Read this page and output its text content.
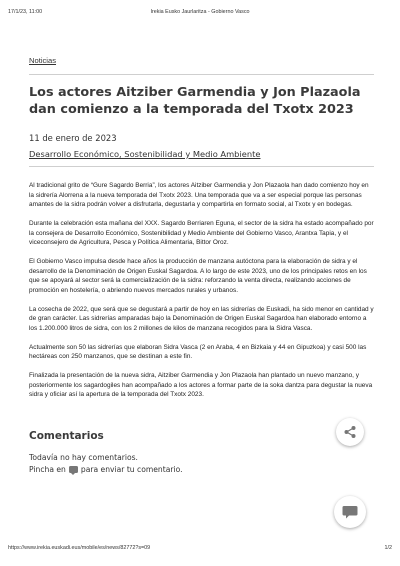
17/1/23, 11:00	Irekia Eusko Jaurlaritza - Gobierno Vasco
Noticias
Los actores Aitziber Garmendia y Jon Plazaola dan comienzo a la temporada del Txotx 2023
11 de enero de 2023
Desarrollo Económico, Sostenibilidad y Medio Ambiente

Al tradicional grito de “Gure Sagardo Berria”, los actores Aitziber Garmendia y Jon Plazaola han dado comienzo hoy en la sidrería Alorrena a la nueva temporada del Txotx 2023. Una temporada que va a ser especial porque las personas amantes de la sidra podrán volver a disfrutarla, degustarla y compartirla en formato social, al Txotx y en bodegas.

Durante la celebración esta mañana del XXX. Sagardo Berriaren Eguna, el sector de la sidra ha estado acompañado por la consejera de Desarrollo Económico, Sostenibilidad y Medio Ambiente del Gobierno Vasco, Arantxa Tapia, y el viceconsejero de Agricultura, Pesca y Política Alimentaria, Bittor Oroz.

El Gobierno Vasco impulsa desde hace años la producción de manzana autóctona para la elaboración de sidra y el desarrollo de la Denominación de Origen Euskal Sagardoa. A lo largo de este 2023, uno de los principales retos en los que se apoyará al sector será la comercialización de la sidra: reforzando la venta directa, realizando acciones de promoción en hostelería, o abriendo nuevos mercados rurales y urbanos.

La cosecha de 2022, que será que se degustará a partir de hoy en las sidrerías de Euskadi, ha sido menor en cantidad y de gran carácter. Las sidrerías amparadas bajo la Denominación de Origen Euskal Sagardoa han elaborado entorno a los 1.200.000 litros de sidra, con los 2 millones de kilos de manzana recogidos para la Sidra Vasca.

Actualmente son 50 las sidrerías que elaboran Sidra Vasca (2 en Araba, 4 en Bizkaia y 44 en Gipuzkoa) y casi 500 las hectáreas con 250 manzanos, que se destinan a este fin.

Finalizada la presentación de la nueva sidra, Aitziber Garmendia y Jon Plazaola han plantado un nuevo manzano, y posteriormente los sagardogiles han acompañado a los actores a formar parte de la soka dantza para degustar la nueva sidra y oficiar así la apertura de la temporada del Txotx 2023.

Comentarios
Todavía no hay comentarios.
Pincha en para enviar tu comentario.
https://www.irekia.euskadi.eus/mobile/es/news/82772?s=09	1/2
